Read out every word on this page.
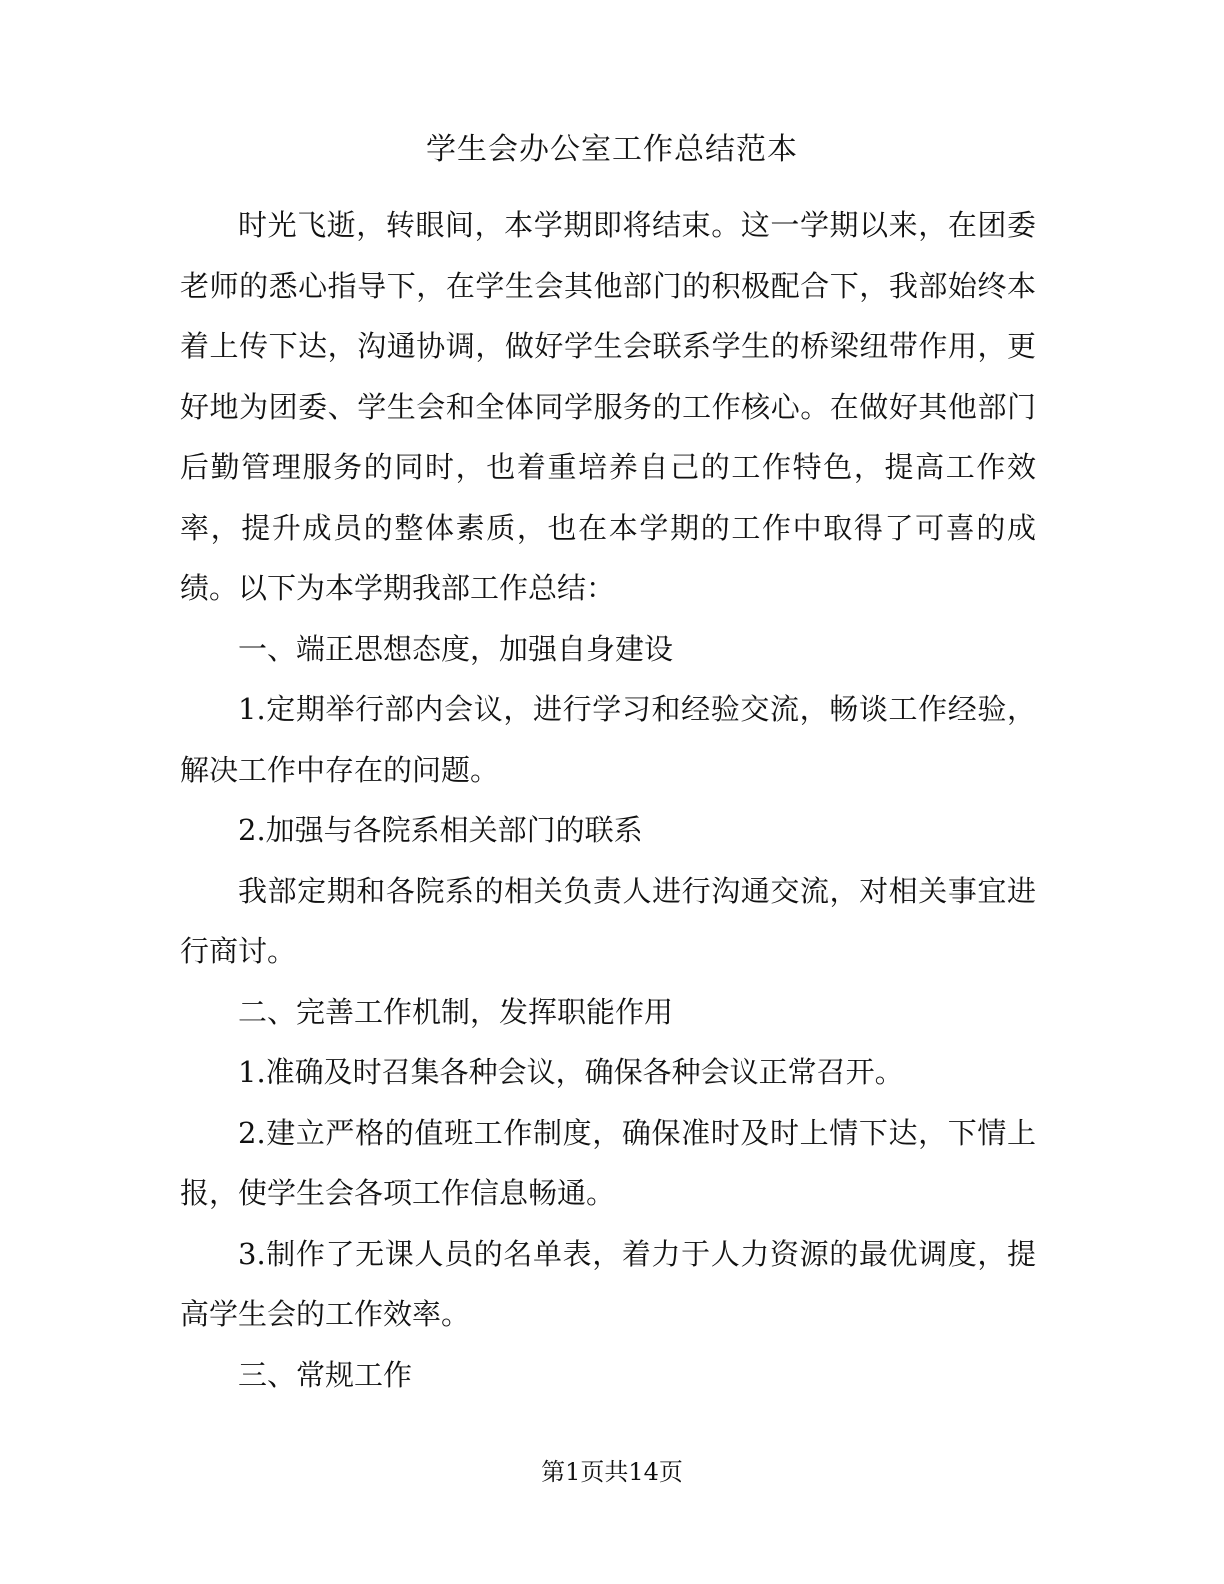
学生会办公室工作总结范本

时光飞逝，转眼间，本学期即将结束。这一学期以来，在团委老师的悉心指导下，在学生会其他部门的积极配合下，我部始终本着上传下达，沟通协调，做好学生会联系学生的桥梁纽带作用，更好地为团委、学生会和全体同学服务的工作核心。在做好其他部门后勤管理服务的同时，也着重培养自己的工作特色，提高工作效率，提升成员的整体素质，也在本学期的工作中取得了可喜的成绩。以下为本学期我部工作总结：

一、端正思想态度，加强自身建设

1.定期举行部内会议，进行学习和经验交流，畅谈工作经验，解决工作中存在的问题。

2.加强与各院系相关部门的联系

我部定期和各院系的相关负责人进行沟通交流，对相关事宜进行商讨。

二、完善工作机制，发挥职能作用

1.准确及时召集各种会议，确保各种会议正常召开。

2.建立严格的值班工作制度，确保准时及时上情下达，下情上报，使学生会各项工作信息畅通。

3.制作了无课人员的名单表，着力于人力资源的最优调度，提高学生会的工作效率。

三、常规工作

第1页共14页
